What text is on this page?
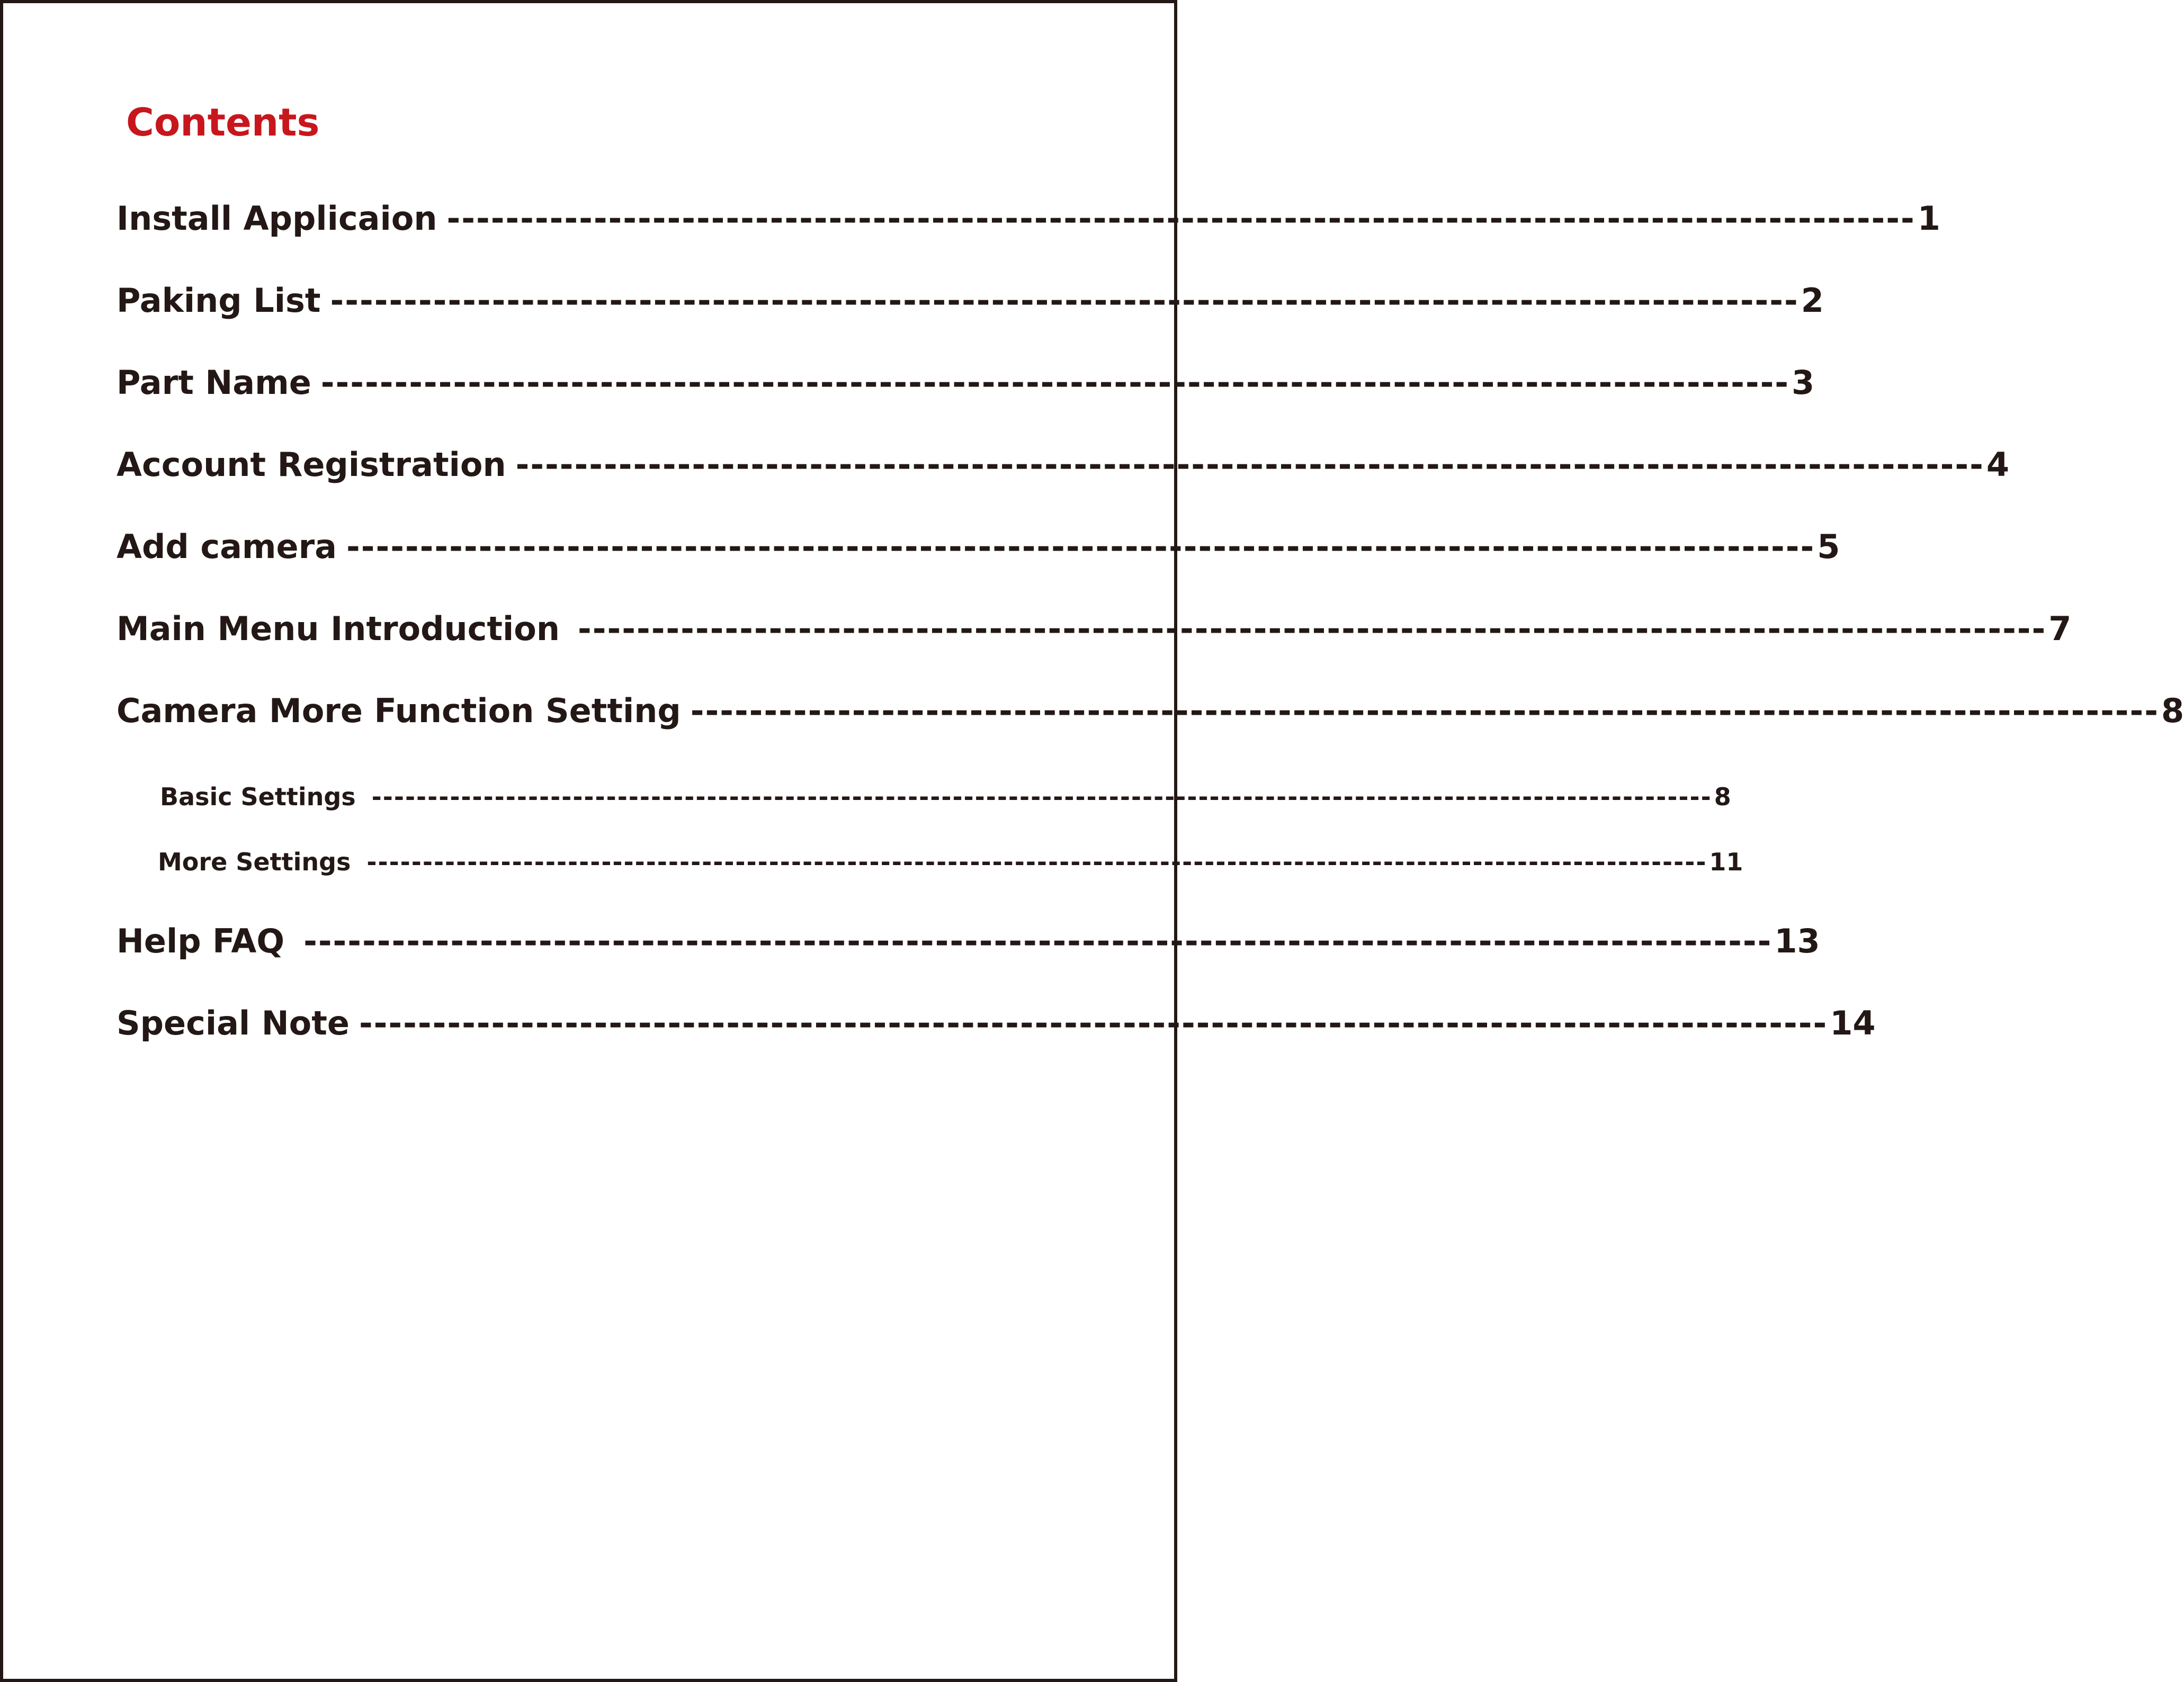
Contents
Install Applicaion ---------------------------------------------------------------------------------------------------- 1
Paking List ---------------------------------------------------------------------------------------------------- 2
Part Name ---------------------------------------------------------------------------------------------------- 3
Account Registration ---------------------------------------------------------------------------------------------------- 4
Add camera ---------------------------------------------------------------------------------------------------- 5
Main Menu Introduction ---------------------------------------------------------------------------------------------------- 7
Camera More Function Setting ---------------------------------------------------------------------------------------------------- 8
Basic Settings ------------------------------------------------------------------------------------------------------------------------ 8
More Settings ------------------------------------------------------------------------------------------------------------------------ 11
Help FAQ ---------------------------------------------------------------------------------------------------- 13
Special Note ---------------------------------------------------------------------------------------------------- 14
